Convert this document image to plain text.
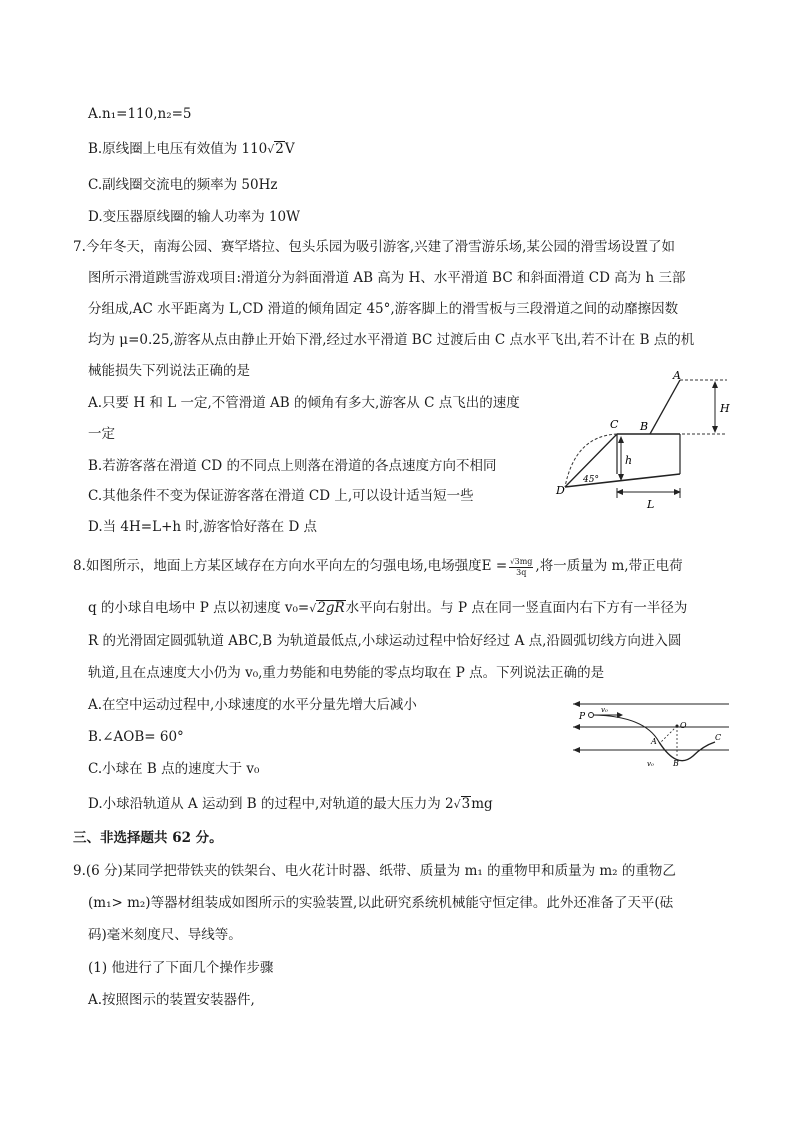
A.n₁=110,n₂=5
B.原线圈上电压有效值为 110√2V
C.副线圈交流电的频率为 50Hz
D.变压器原线圈的输人功率为 10W
7.今年冬天，南海公园、赛罕塔拉、包头乐园为吸引游客,兴建了滑雪游乐场,某公园的滑雪场设置了如
图所示滑道跳雪游戏项目:滑道分为斜面滑道 AB 高为 H、水平滑道 BC 和斜面滑道 CD 高为 h 三部
分组成,AC 水平距离为 L,CD 滑道的倾角固定 45°,游客脚上的滑雪板与三段滑道之间的动靡擦因数
均为 μ=0.25,游客从点由静止开始下滑,经过水平滑道 BC 过渡后由 C 点水平飞出,若不计在 B 点的机
械能损失下列说法正确的是
A.只要 H 和 L 一定,不管滑道 AB 的倾角有多大,游客从 C 点飞出的速度
一定
B.若游客落在滑道 CD 的不同点上则落在滑道的各点速度方向不相同
C.其他条件不变为保证游客落在滑道 CD 上,可以设计适当短一些
D.当 4H=L+h 时,游客恰好落在 D 点
A
B
C
D
H
h
L
45°
8.如图所示，地面上方某区域存在方向水平向左的匀强电场,电场强度$E = \frac{√3mg}{3q}$ ,将一质量为 m,带正电荷
q 的小球自电场中 P 点以初速度 v₀=√2gR水平向右射出。与 P 点在同一竖直面内右下方有一半径为
R 的光滑固定圆弧轨道 ABC,B 为轨道最低点,小球运动过程中恰好经过 A 点,沿圆弧切线方向进入圆
轨道,且在点速度大小仍为 v₀,重力势能和电势能的零点均取在 P 点。下列说法正确的是
A.在空中运动过程中,小球速度的水平分量先增大后减小
B.∠AOB= 60°
C.小球在 B 点的速度大于 v₀
D.小球沿轨道从 A 运动到 B 的过程中,对轨道的最大压力为 2√3mg
P
v₀
O
A
B
C
v₀
三、非选择题共 62 分。
9.(6 分)某同学把带铁夹的铁架台、电火花计时器、纸带、质量为 m₁ 的重物甲和质量为 m₂ 的重物乙
(m₁> m₂)等器材组装成如图所示的实验装置,以此研究系统机械能守恒定律。此外还准备了天平(砝
码)毫米刻度尺、导线等。
(1) 他进行了下面几个操作步骤
A.按照图示的装置安装器件,
